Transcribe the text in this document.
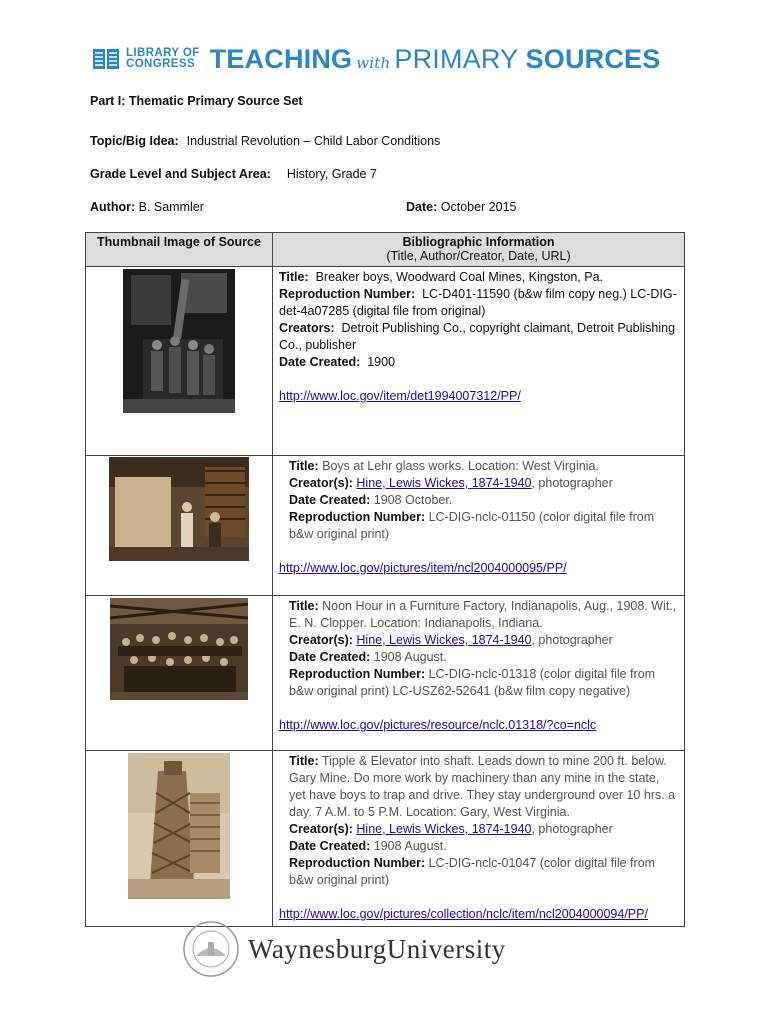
LIBRARY OF
CONGRESS TEACHING with PRIMARY SOURCES
Part I: Thematic Primary Source Set
Topic/Big Idea: Industrial Revolution – Child Labor Conditions
Grade Level and Subject Area: History, Grade 7
Author: B. Sammler	Date: October 2015
Thumbnail Image of Source	Bibliographic Information
(Title, Author/Creator, Date, URL)

Title: Breaker boys, Woodward Coal Mines, Kingston, Pa.
Reproduction Number: LC-D401-11590 (b&w film copy neg.) LC-DIG-det-4a07285 (digital file from original)
Creators: Detroit Publishing Co., copyright claimant, Detroit Publishing Co., publisher
Date Created: 1900
http://www.loc.gov/item/det1994007312/PP/

Title: Boys at Lehr glass works. Location: West Virginia.
Creator(s): Hine, Lewis Wickes, 1874-1940, photographer
Date Created: 1908 October.
Reproduction Number: LC-DIG-nclc-01150 (color digital file from b&w original print)
http://www.loc.gov/pictures/item/ncl2004000095/PP/

Title: Noon Hour in a Furniture Factory, Indianapolis, Aug., 1908. Wit., E. N. Clopper. Location: Indianapolis, Indiana.
Creator(s): Hine, Lewis Wickes, 1874-1940, photographer
Date Created: 1908 August.
Reproduction Number: LC-DIG-nclc-01318 (color digital file from b&w original print) LC-USZ62-52641 (b&w film copy negative)
http://www.loc.gov/pictures/resource/nclc.01318/?co=nclc

Title: Tipple & Elevator into shaft. Leads down to mine 200 ft. below. Gary Mine. Do more work by machinery than any mine in the state, yet have boys to trap and drive. They stay underground over 10 hrs. a day. 7 A.M. to 5 P.M. Location: Gary, West Virginia.
Creator(s): Hine, Lewis Wickes, 1874-1940, photographer
Date Created: 1908 August.
Reproduction Number: LC-DIG-nclc-01047 (color digital file from b&w original print)
http://www.loc.gov/pictures/collection/nclc/item/ncl2004000094/PP/
WaynesburgUniversity
